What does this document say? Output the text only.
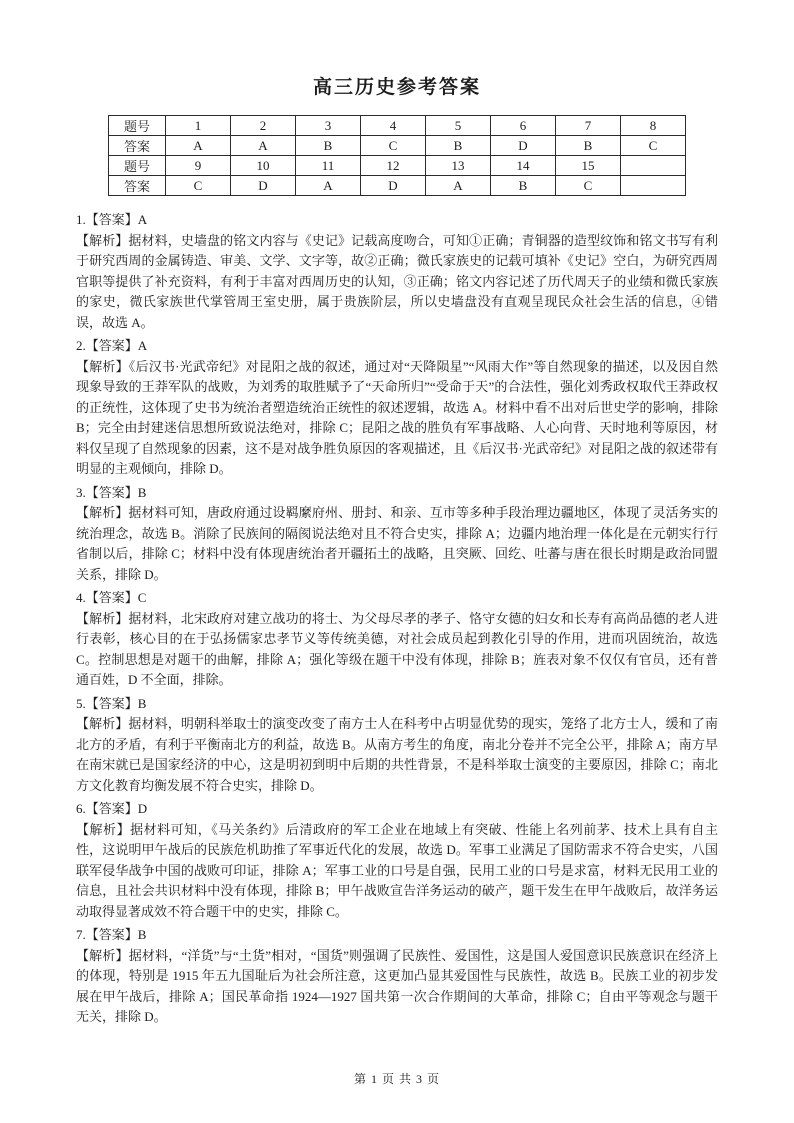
高三历史参考答案
题号	1	2	3	4	5	6	7	8
答案	A	A	B	C	B	D	B	C
题号	9	10	11	12	13	14	15	
答案	C	D	A	D	A	B	C	

1.【答案】A

【解析】据材料，史墙盘的铭文内容与《史记》记载高度吻合，可知①正确；青铜器的造型纹饰和铭文书写有利于研究西周的金属铸造、审美、文学、文字等，故②正确；微氏家族史的记载可填补《史记》空白，为研究西周官职等提供了补充资料，有利于丰富对西周历史的认知，③正确；铭文内容记述了历代周天子的业绩和微氏家族的家史，微氏家族世代掌管周王室史册，属于贵族阶层，所以史墙盘没有直观呈现民众社会生活的信息，④错误，故选 A。

2.【答案】A

【解析】《后汉书·光武帝纪》对昆阳之战的叙述，通过对“天降陨星”“风雨大作”等自然现象的描述，以及因自然现象导致的王莽军队的战败，为刘秀的取胜赋予了“天命所归”“受命于天”的合法性，强化刘秀政权取代王莽政权的正统性，这体现了史书为统治者塑造统治正统性的叙述逻辑，故选 A。材料中看不出对后世史学的影响，排除 B；完全由封建迷信思想所致说法绝对，排除 C；昆阳之战的胜负有军事战略、人心向背、天时地利等原因，材料仅呈现了自然现象的因素，这不是对战争胜负原因的客观描述，且《后汉书·光武帝纪》对昆阳之战的叙述带有明显的主观倾向，排除 D。

3.【答案】B

【解析】据材料可知，唐政府通过设羁縻府州、册封、和亲、互市等多种手段治理边疆地区，体现了灵活务实的统治理念，故选 B。消除了民族间的隔阂说法绝对且不符合史实，排除 A；边疆内地治理一体化是在元朝实行行省制以后，排除 C；材料中没有体现唐统治者开疆拓土的战略，且突厥、回纥、吐蕃与唐在很长时期是政治同盟关系，排除 D。

4.【答案】C

【解析】据材料，北宋政府对建立战功的将士、为父母尽孝的孝子、恪守女德的妇女和长寿有高尚品德的老人进行表彰，核心目的在于弘扬儒家忠孝节义等传统美德，对社会成员起到教化引导的作用，进而巩固统治，故选 C。控制思想是对题干的曲解，排除 A；强化等级在题干中没有体现，排除 B；旌表对象不仅仅有官员，还有普通百姓，D 不全面，排除。

5.【答案】B

【解析】据材料，明朝科举取士的演变改变了南方士人在科考中占明显优势的现实，笼络了北方士人，缓和了南北方的矛盾，有利于平衡南北方的利益，故选 B。从南方考生的角度，南北分卷并不完全公平，排除 A；南方早在南宋就已是国家经济的中心，这是明初到明中后期的共性背景，不是科举取士演变的主要原因，排除 C；南北方文化教育均衡发展不符合史实，排除 D。

6.【答案】D

【解析】据材料可知，《马关条约》后清政府的军工企业在地域上有突破、性能上名列前茅、技术上具有自主性，这说明甲午战后的民族危机助推了军事近代化的发展，故选 D。军事工业满足了国防需求不符合史实，八国联军侵华战争中国的战败可印证，排除 A；军事工业的口号是自强，民用工业的口号是求富，材料无民用工业的信息，且社会共识材料中没有体现，排除 B；甲午战败宣告洋务运动的破产，题干发生在甲午战败后，故洋务运动取得显著成效不符合题干中的史实，排除 C。

7.【答案】B

【解析】据材料，“洋货”与“土货”相对，“国货”则强调了民族性、爱国性，这是国人爱国意识民族意识在经济上的体现，特别是 1915 年五九国耻后为社会所注意，这更加凸显其爱国性与民族性，故选 B。民族工业的初步发展在甲午战后，排除 A；国民革命指 1924—1927 国共第一次合作期间的大革命，排除 C；自由平等观念与题干无关，排除 D。

第 1 页 共 3 页
